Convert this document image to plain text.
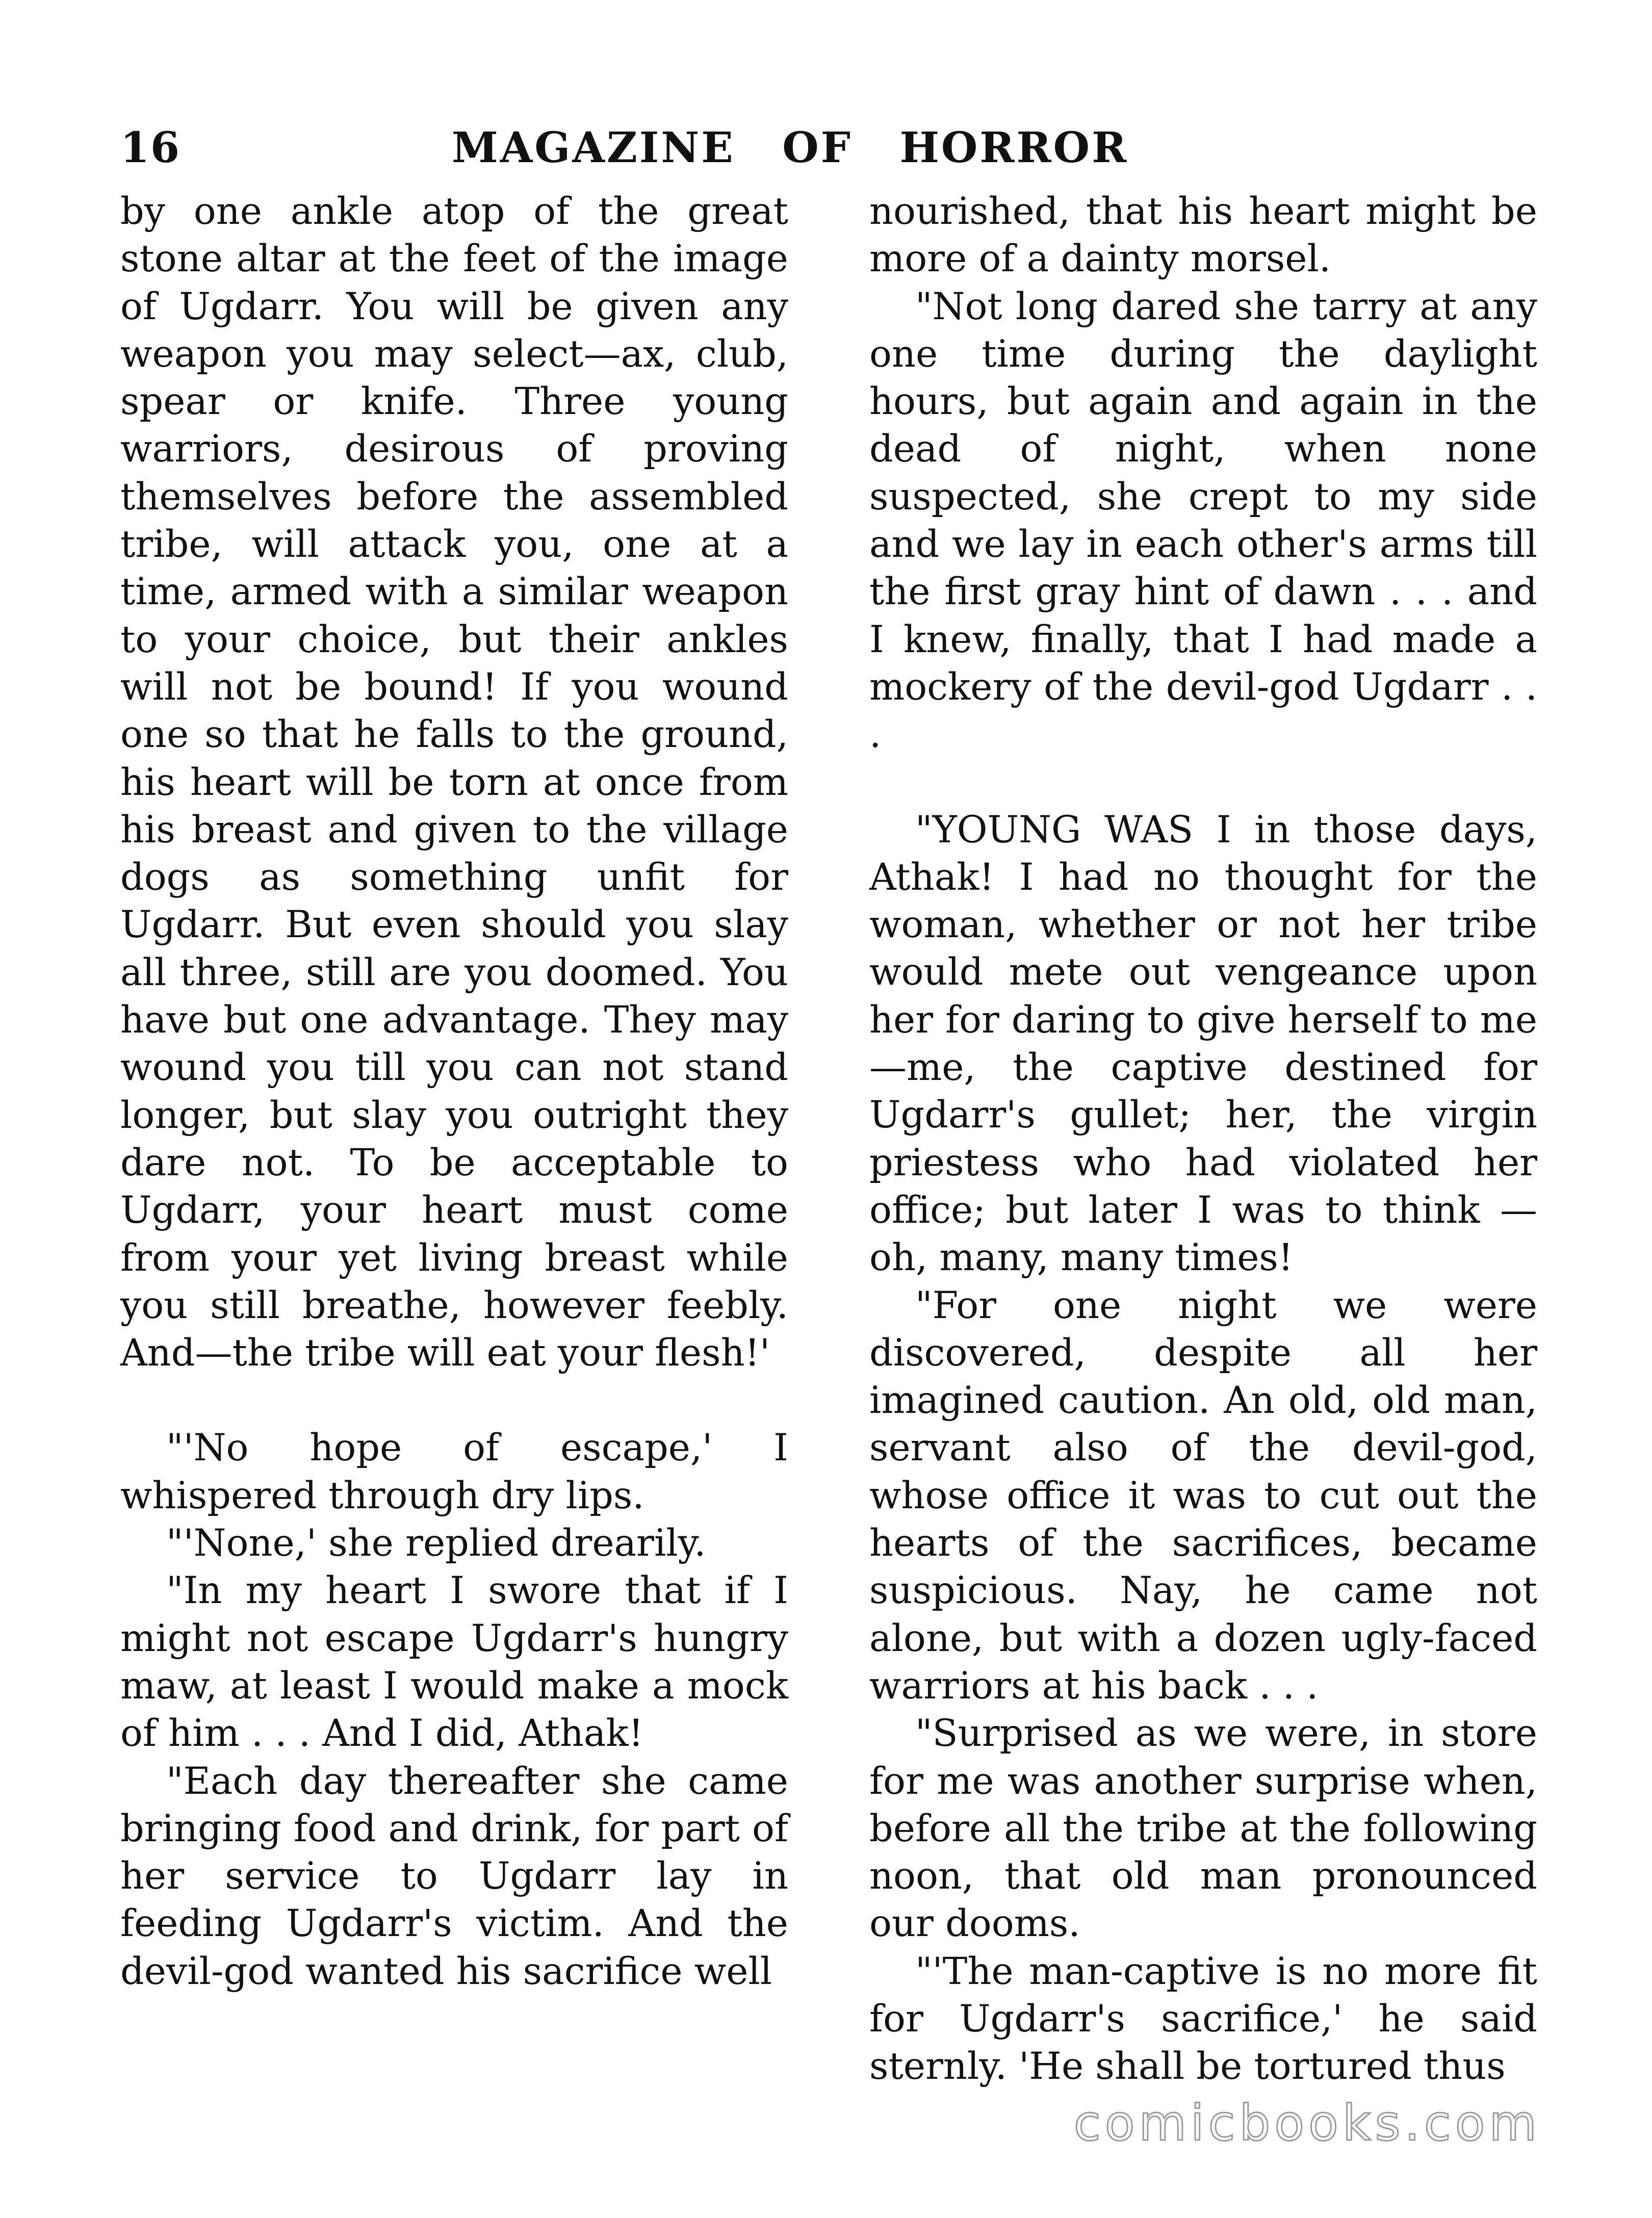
16	MAGAZINE OF HORROR

by one ankle atop of the great stone altar at the feet of the image of Ugdarr. You will be given any weapon you may select—ax, club, spear or knife. Three young warriors, desirous of proving themselves before the assembled tribe, will attack you, one at a time, armed with a similar weapon to your choice, but their ankles will not be bound! If you wound one so that he falls to the ground, his heart will be torn at once from his breast and given to the village dogs as something unfit for Ugdarr. But even should you slay all three, still are you doomed. You have but one advantage. They may wound you till you can not stand longer, but slay you outright they dare not. To be acceptable to Ugdarr, your heart must come from your yet living breast while you still breathe, however feebly. And—the tribe will eat your flesh!'

"'No hope of escape,' I whispered through dry lips.

"'None,' she replied drearily.

"In my heart I swore that if I might not escape Ugdarr's hungry maw, at least I would make a mock of him . . . And I did, Athak!

"Each day thereafter she came bringing food and drink, for part of her service to Ugdarr lay in feeding Ugdarr's victim. And the devil-god wanted his sacrifice well

nourished, that his heart might be more of a dainty morsel.

"Not long dared she tarry at any one time during the daylight hours, but again and again in the dead of night, when none suspected, she crept to my side and we lay in each other's arms till the first gray hint of dawn . . . and I knew, finally, that I had made a mockery of the devil-god Ugdarr . . .

"YOUNG WAS I in those days, Athak! I had no thought for the woman, whether or not her tribe would mete out vengeance upon her for daring to give herself to me—me, the captive destined for Ugdarr's gullet; her, the virgin priestess who had violated her office; but later I was to think —oh, many, many times!

"For one night we were discovered, despite all her imagined caution. An old, old man, servant also of the devil-god, whose office it was to cut out the hearts of the sacrifices, became suspicious. Nay, he came not alone, but with a dozen ugly-faced warriors at his back . . .

"Surprised as we were, in store for me was another surprise when, before all the tribe at the following noon, that old man pronounced our dooms.

"'The man-captive is no more fit for Ugdarr's sacrifice,' he said sternly. 'He shall be tortured thus

comicbooks.com
